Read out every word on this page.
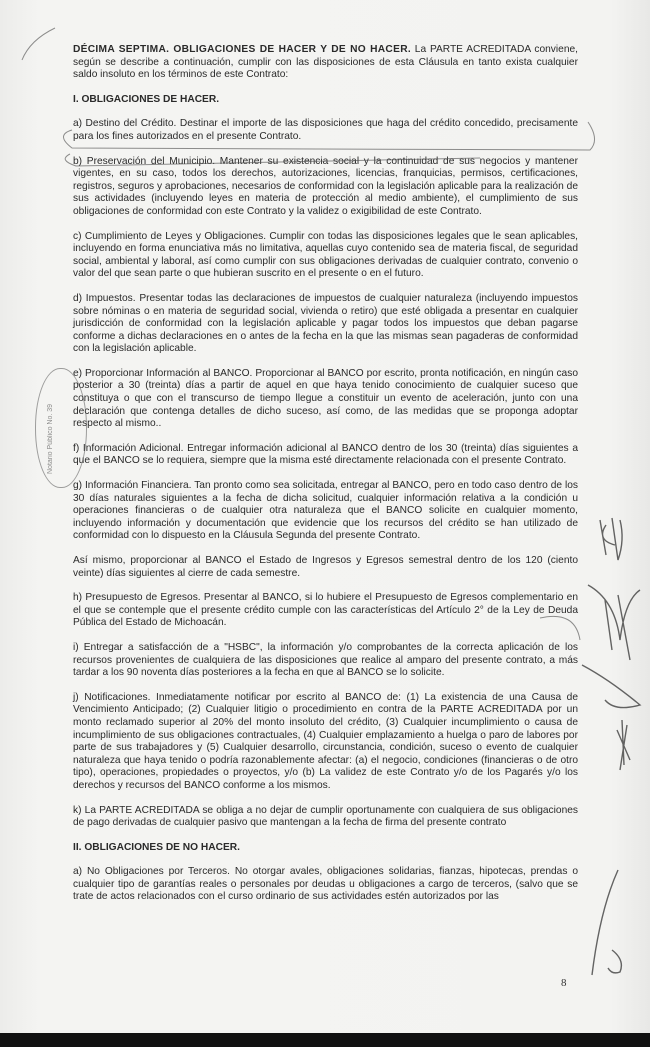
DÉCIMA SEPTIMA. OBLIGACIONES DE HACER Y DE NO HACER. La PARTE ACREDITADA conviene, según se describe a continuación, cumplir con las disposiciones de esta Cláusula en tanto exista cualquier saldo insoluto en los términos de este Contrato:

I. OBLIGACIONES DE HACER.

a) Destino del Crédito. Destinar el importe de las disposiciones que haga del crédito concedido, precisamente para los fines autorizados en el presente Contrato.

b) Preservación del Municipio. Mantener su existencia social y la continuidad de sus negocios y mantener vigentes, en su caso, todos los derechos, autorizaciones, licencias, franquicias, permisos, certificaciones, registros, seguros y aprobaciones, necesarios de conformidad con la legislación aplicable para la realización de sus actividades (incluyendo leyes en materia de protección al medio ambiente), el cumplimiento de sus obligaciones de conformidad con este Contrato y la validez o exigibilidad de este Contrato.

c) Cumplimiento de Leyes y Obligaciones. Cumplir con todas las disposiciones legales que le sean aplicables, incluyendo en forma enunciativa más no limitativa, aquellas cuyo contenido sea de materia fiscal, de seguridad social, ambiental y laboral, así como cumplir con sus obligaciones derivadas de cualquier contrato, convenio o valor del que sean parte o que hubieran suscrito en el presente o en el futuro.

d) Impuestos. Presentar todas las declaraciones de impuestos de cualquier naturaleza (incluyendo impuestos sobre nóminas o en materia de seguridad social, vivienda o retiro) que esté obligada a presentar en cualquier jurisdicción de conformidad con la legislación aplicable y pagar todos los impuestos que deban pagarse conforme a dichas declaraciones en o antes de la fecha en la que las mismas sean pagaderas de conformidad con la legislación aplicable.

e) Proporcionar Información al BANCO. Proporcionar al BANCO por escrito, pronta notificación, en ningún caso posterior a 30 (treinta) días a partir de aquel en que haya tenido conocimiento de cualquier suceso que constituya o que con el transcurso de tiempo llegue a constituir un evento de aceleración, junto con una declaración que contenga detalles de dicho suceso, así como, de las medidas que se proponga adoptar respecto al mismo..

f) Información Adicional. Entregar información adicional al BANCO dentro de los 30 (treinta) días siguientes a que el BANCO se lo requiera, siempre que la misma esté directamente relacionada con el presente Contrato.

g) Información Financiera. Tan pronto como sea solicitada, entregar al BANCO, pero en todo caso dentro de los 30 días naturales siguientes a la fecha de dicha solicitud, cualquier información relativa a la condición u operaciones financieras o de cualquier otra naturaleza que el BANCO solicite en cualquier momento, incluyendo información y documentación que evidencie que los recursos del crédito se han utilizado de conformidad con lo dispuesto en la Cláusula Segunda del presente Contrato.

Así mismo, proporcionar al BANCO el Estado de Ingresos y Egresos semestral dentro de los 120 (ciento veinte) días siguientes al cierre de cada semestre.

h) Presupuesto de Egresos. Presentar al BANCO, si lo hubiere el Presupuesto de Egresos complementario en el que se contemple que el presente crédito cumple con las características del Artículo 2° de la Ley de Deuda Pública del Estado de Michoacán.

i) Entregar a satisfacción de a "HSBC", la información y/o comprobantes de la correcta aplicación de los recursos provenientes de cualquiera de las disposiciones que realice al amparo del presente contrato, a más tardar a los 90 noventa días posteriores a la fecha en que al BANCO se lo solicite.

j) Notificaciones. Inmediatamente notificar por escrito al BANCO de: (1) La existencia de una Causa de Vencimiento Anticipado; (2) Cualquier litigio o procedimiento en contra de la PARTE ACREDITADA por un monto reclamado superior al 20% del monto insoluto del crédito, (3) Cualquier incumplimiento o causa de incumplimiento de sus obligaciones contractuales, (4) Cualquier emplazamiento a huelga o paro de labores por parte de sus trabajadores y (5) Cualquier desarrollo, circunstancia, condición, suceso o evento de cualquier naturaleza que haya tenido o podría razonablemente afectar: (a) el negocio, condiciones (financieras o de otro tipo), operaciones, propiedades o proyectos, y/o (b) La validez de este Contrato y/o de los Pagarés y/o los derechos y recursos del BANCO conforme a los mismos.

k) La PARTE ACREDITADA se obliga a no dejar de cumplir oportunamente con cualquiera de sus obligaciones de pago derivadas de cualquier pasivo que mantengan a la fecha de firma del presente contrato

II. OBLIGACIONES DE NO HACER.

a) No Obligaciones por Terceros. No otorgar avales, obligaciones solidarias, fianzas, hipotecas, prendas o cualquier tipo de garantías reales o personales por deudas u obligaciones a cargo de terceros, (salvo que se trate de actos relacionados con el curso ordinario de sus actividades estén autorizados por las

Notario Público No. 39
8
